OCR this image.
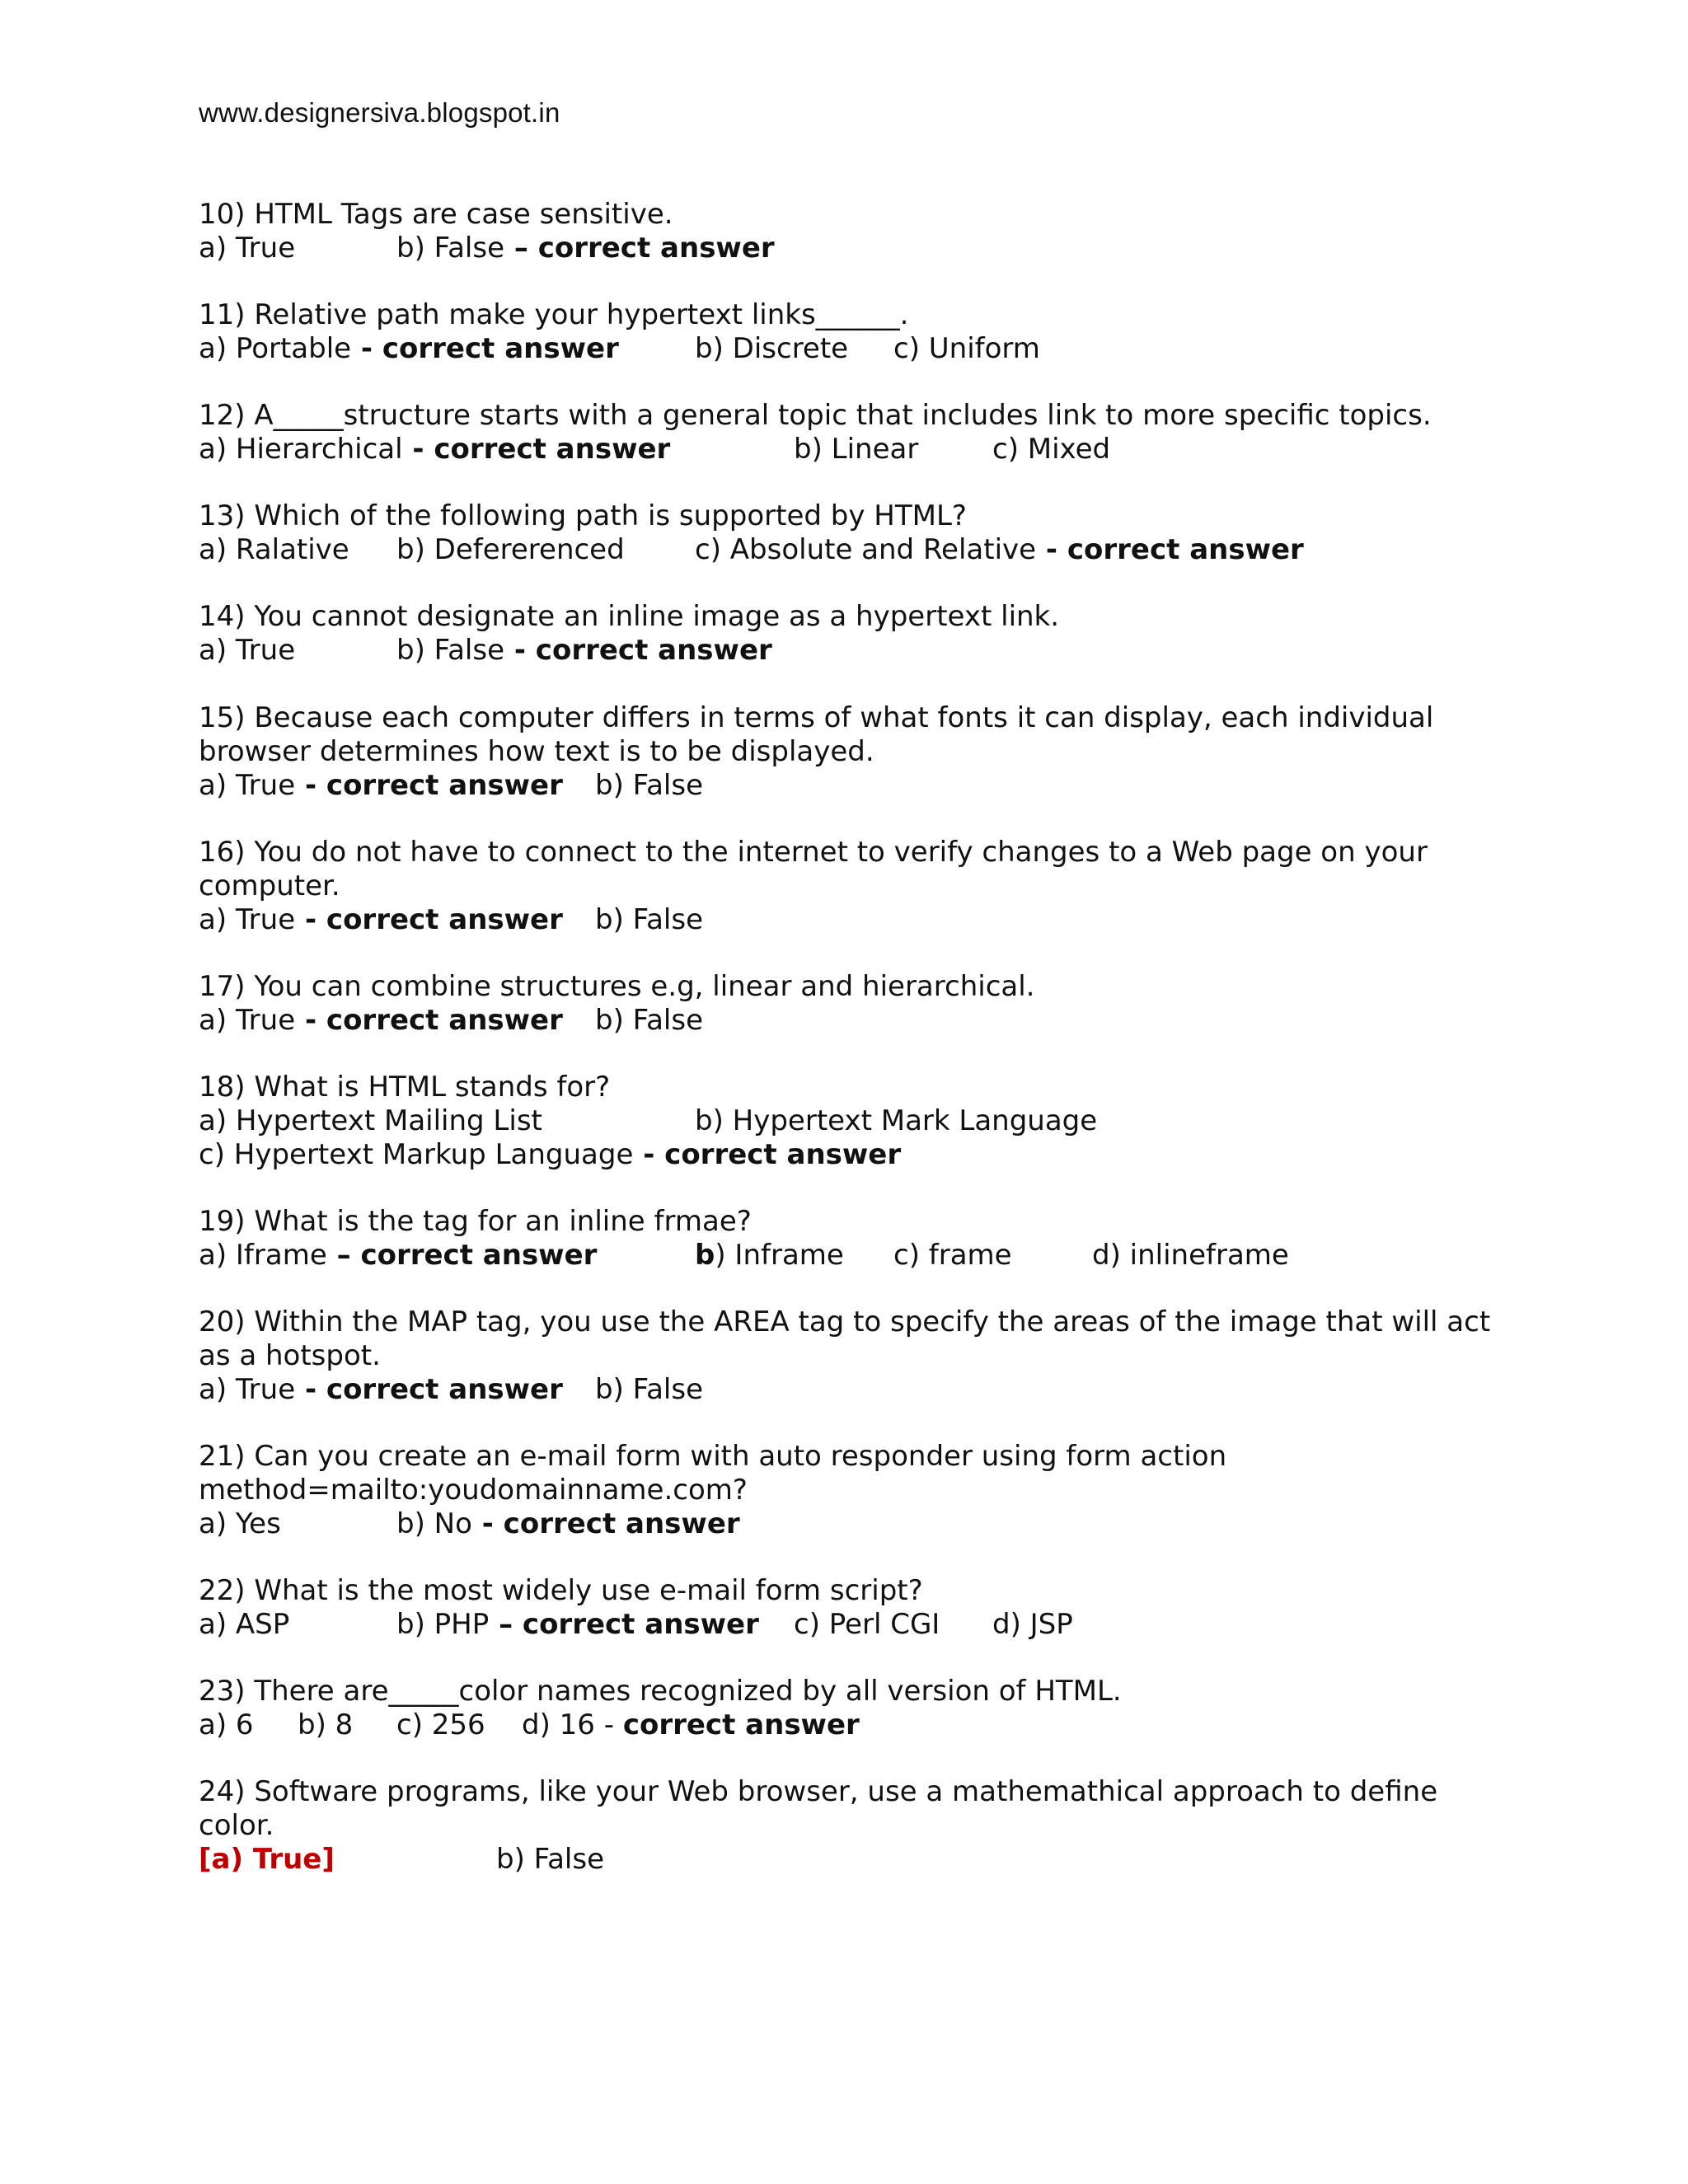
www.designersiva.blogspot.in
10) HTML Tags are case sensitive.
a) True	b) False – correct answer
11) Relative path make your hypertext links______.
a) Portable - correct answer	b) Discrete c) Uniform
12) A_____structure starts with a general topic that includes link to more specific topics.
a) Hierarchical - correct answer	b) Linear	c) Mixed
13) Which of the following path is supported by HTML?
a) Ralative b) Defererenced	c) Absolute and Relative - correct answer
14) You cannot designate an inline image as a hypertext link.
a) True	b) False - correct answer
15) Because each computer differs in terms of what fonts it can display, each individual
browser determines how text is to be displayed.
a) True - correct answer b) False
16) You do not have to connect to the internet to verify changes to a Web page on your
computer.
a) True - correct answer b) False
17) You can combine structures e.g, linear and hierarchical.
a) True - correct answer b) False
18) What is HTML stands for?
a) Hypertext Mailing List	b) Hypertext Mark Language
c) Hypertext Markup Language - correct answer
19) What is the tag for an inline frmae?
a) Iframe – correct answer	b) Inframe c) frame	d) inlineframe
20) Within the MAP tag, you use the AREA tag to specify the areas of the image that will act
as a hotspot.
a) True - correct answer b) False
21) Can you create an e-mail form with auto responder using form action
method=mailto:youdomainname.com?
a) Yes	b) No - correct answer
22) What is the most widely use e-mail form script?
a) ASP	b) PHP – correct answer c) Perl CGI d) JSP
23) There are_____color names recognized by all version of HTML.
a) 6 b) 8 c) 256 d) 16 - correct answer
24) Software programs, like your Web browser, use a mathemathical approach to define
color.
[a) True]	b) False
